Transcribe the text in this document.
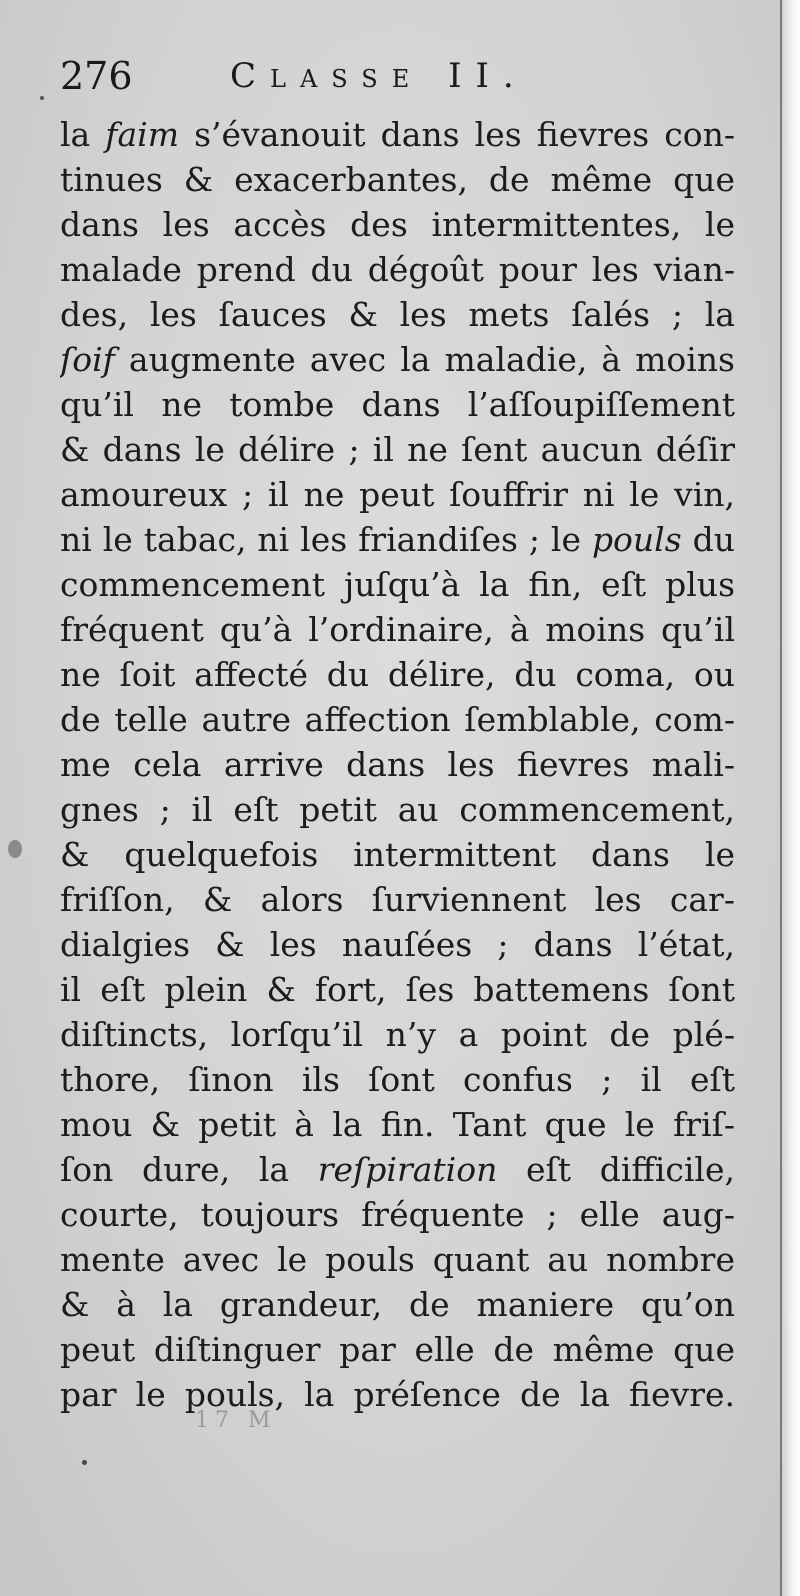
276	Classe II.
la faim s’évanouit dans les fievres con-
tinues & exacerbantes, de même que
dans les accès des intermittentes, le
malade prend du dégoût pour les vian-
des, les ſauces & les mets ſalés ; la
ſoif augmente avec la maladie, à moins
qu’il ne tombe dans l’aſſoupiſſement
& dans le délire ; il ne ſent aucun déſir
amoureux ; il ne peut ſouffrir ni le vin,
ni le tabac, ni les friandiſes ; le pouls du
commencement juſqu’à la fin, eſt plus
fréquent qu’à l’ordinaire, à moins qu’il
ne ſoit affecté du délire, du coma, ou
de telle autre affection ſemblable, com-
me cela arrive dans les fievres mali-
gnes ; il eſt petit au commencement,
& quelquefois intermittent dans le
friſſon, & alors ſurviennent les car-
dialgies & les nauſées ; dans l’état,
il eſt plein & fort, ſes battemens ſont
diſtincts, lorſqu’il n’y a point de plé-
thore, ſinon ils ſont confus ; il eſt
mou & petit à la fin. Tant que le friſ-
ſon dure, la reſpiration eſt difficile,
courte, toujours fréquente ; elle aug-
mente avec le pouls quant au nombre
& à la grandeur, de maniere qu’on
peut diſtinguer par elle de même que
par le pouls, la préſence de la fievre.
17 M
